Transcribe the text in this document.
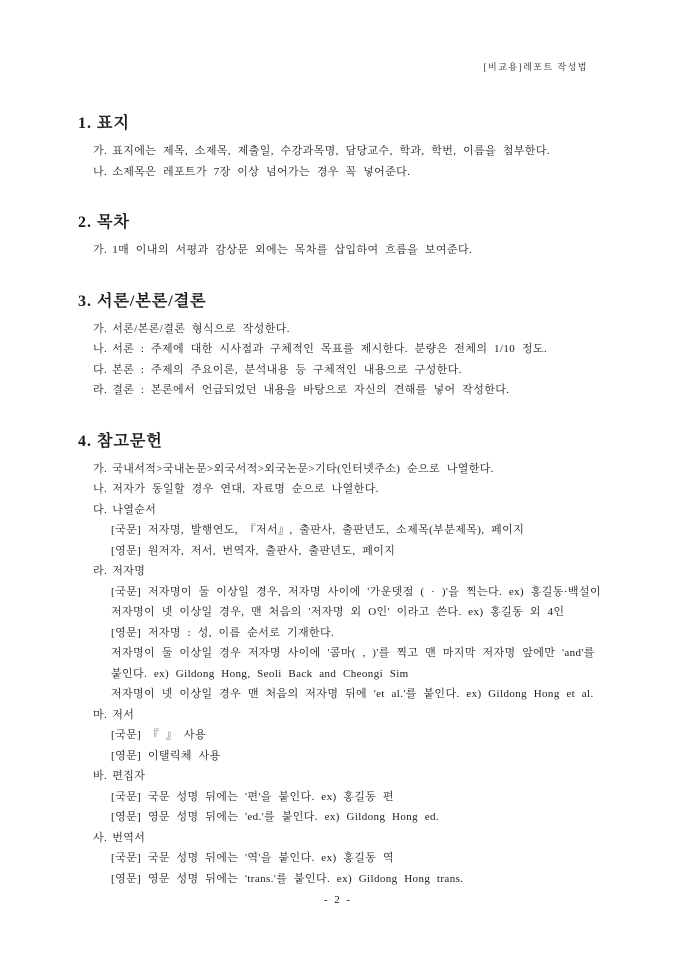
[비교용]레포트 작성법
1. 표지
가. 표지에는 제목, 소제목, 제출일, 수강과목명, 담당교수, 학과, 학번, 이름을 첨부한다.
나. 소제목은 레포트가 7장 이상 넘어가는 경우 꼭 넣어준다.
2. 목차
가. 1매 이내의 서평과 감상문 외에는 목차를 삽입하여 흐름을 보여준다.
3. 서론/본론/결론
가. 서론/본론/결론 형식으로 작성한다.
나. 서론 : 주제에 대한 시사점과 구체적인 목표를 제시한다. 분량은 전체의 1/10 정도.
다. 본론 : 주제의 주요이론, 분석내용 등 구체적인 내용으로 구성한다.
라. 결론 : 본론에서 언급되었던 내용을 바탕으로 자신의 견해를 넣어 작성한다.
4. 참고문헌
가. 국내서적>국내논문>외국서적>외국논문>기타(인터넷주소) 순으로 나열한다.
나. 저자가 동일할 경우 연대, 자료명 순으로 나열한다.
다. 나열순서
[국문] 저자명, 발행연도, 『저서』, 출판사, 출판년도, 소제목(부분제목), 페이지
[영문] 원저자, 저서, 번역자, 출판사, 출판년도, 페이지
라. 저자명
[국문] 저자명이 둘 이상일 경우, 저자명 사이에 '가운뎃점 ( · )'을 찍는다. ex) 홍길동·백설이
저자명이 넷 이상일 경우, 맨 처음의 '저자명 외 O인' 이라고 쓴다. ex) 홍길동 외 4인
[영문] 저자명 : 성, 이름 순서로 기재한다.
저자명이 둘 이상일 경우 저자명 사이에 '콤마( , )'를 찍고 맨 마지막 저자명 앞에만 'and'를
붙인다. ex) Gildong Hong, Seoli Back and Cheongi Sim
저자명이 넷 이상일 경우 맨 처음의 저자명 뒤에 'et al.'를 붙인다. ex) Gildong Hong et al.
마. 저서
[국문] 『 』 사용
[영문] 이탤릭체 사용
바. 편집자
[국문] 국문 성명 뒤에는 '편'을 붙인다. ex) 홍길동 편
[영문] 영문 성명 뒤에는 'ed.'를 붙인다. ex) Gildong Hong ed.
사. 번역서
[국문] 국문 성명 뒤에는 '역'을 붙인다. ex) 홍길동 역
[영문] 영문 성명 뒤에는 'trans.'를 붙인다. ex) Gildong Hong trans.
- 2 -
